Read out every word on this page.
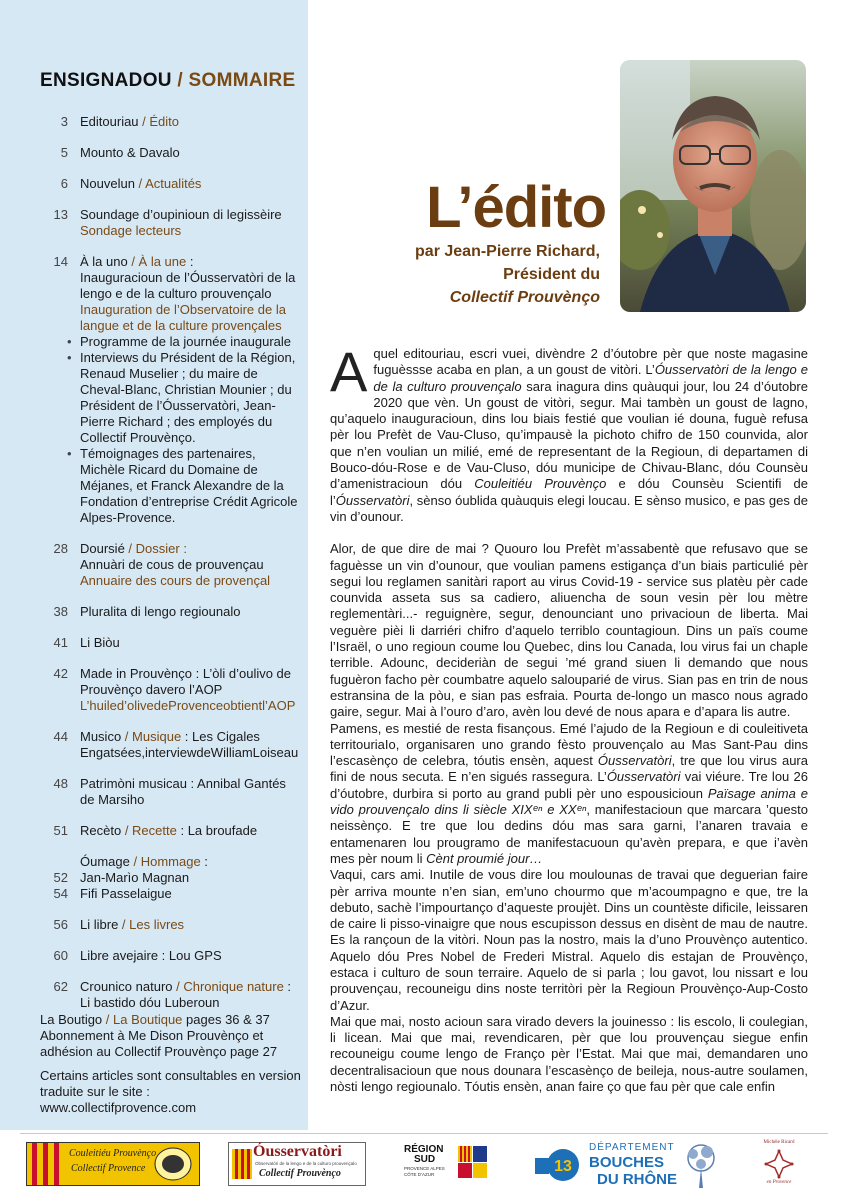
ENSIGNADOU / SOMMAIRE
3 Editouriau / Édito
5 Mounto & Davalo
6 Nouvelun / Actualités
13 Soundage d’oupinioun di legissèire
Sondage lecteurs
14 À la uno / À la une :
Inauguracioun de l’Óusservatòri de la lengo e de la culturo prouvençalo
Inauguration de l’Observatoire de la langue et de la culture provençales
• Programme de la journée inaugurale
• Interviews du Président de la Région, Renaud Muselier ; du maire de Cheval-Blanc, Christian Mounier ; du Président de l’Óusservatòri, Jean-Pierre Richard ; des employés du Collectif Prouvènço.
• Témoignages des partenaires, Michèle Ricard du Domaine de Méjanes, et Franck Alexandre de la Fondation d’entreprise Crédit Agricole Alpes-Provence.
28 Doursié / Dossier :
Annuàri de cous de prouvençau
Annuaire des cours de provençal
38 Pluralita di lengo regiounalo
41 Li Biòu
42 Made in Prouvènço : L’òli d’oulivo de Prouvènço davero l’AOP
L’huiled’olivedeProvenceobtientl’AOP
44 Musico / Musique : Les Cigales Engatsées,interviewdeWilliamLoiseau
48 Patrimòni musicau : Annibal Gantés de Marsiho
51 Recèto / Recette : La broufade
Óumage / Hommage :
52 Jan-Marìo Magnan
54 Fifi Passelaigue
56 Li libre / Les livres
60 Libre avejaire : Lou GPS
62 Crounico naturo / Chronique nature : Li bastido dóu Luberoun

La Boutigo / La Boutique pages 36 & 37
Abonnement à Me Dison Prouvènço et adhésion au Collectif Prouvènço page 27

Certains articles sont consultables en version traduite sur le site : www.collectifprovence.com

L’édito
par Jean-Pierre Richard,
Président du
Collectif Prouvènço

Aquel editouriau, escri vuei, divèndre 2 d’óutobre pèr que noste magasine fuguèssse acaba en plan, a un goust de vitòri. L’Óusservatòri de la lengo e de la culturo prouvençalo sara inagura dins quàuqui jour, lou 24 d’óutobre 2020 que vèn. Un goust de vitòri, segur. Mai tambèn un goust de lagno, qu’aquelo inauguracioun, dins lou biais festié que voulian ié douna, fuguè refusa pèr lou Prefèt de Vau-Cluso, qu’impausè la pichoto chifro de 150 counvida, alor que n’en voulian un milié, emé de representant de la Regioun, di departamen di Bouco-dóu-Rose e de Vau-Cluso, dóu municipe de Chivau-Blanc, dóu Counsèu d’amenistracioun dóu Couleitiéu Prouvènço e dóu Counsèu Scientifi de l’Óusservatòri, sènso óublida quàuquis elegi loucau. E sènso musico, e pas ges de vin d’ounour.

Alor, de que dire de mai ? Quouro lou Prefèt m’assabentè que refusavo que se faguèsse un vin d’ounour, que voulian pamens estigança d’un biais particulié pèr segui lou reglamen sanitàri raport au virus Covid-19 - service sus platèu pèr cade counvida asseta sus sa cadiero, aliuencha de soun vesin pèr lou mètre reglementàri...- reguignère, segur, denounciant uno privacioun de liberta. Mai veguère pièi li darriéri chifro d’aquelo terriblo countagioun. Dins un païs coume l’Israël, o uno regioun coume lou Quebec, dins lou Canada, lou virus fai un chaple terrible. Adounc, decideriàn de segui ’mé grand siuen li demando que nous fuguèron facho pèr coumbatre aquelo salouparié de virus. Sian pas en trin de nous estransina de la pòu, e sian pas esfraia. Pourta de-longo un masco nous agrado gaire, segur. Mai à l’ouro d’aro, avèn lou devé de nous apara e d’apara lis autre.

Pamens, es mestié de resta fisançous. Emé l’ajudo de la Regioun e di couleitiveta territouriaIo, organisaren uno grando fèsto prouvençalo au Mas Sant-Pau dins l’escasènço de celebra, tóutis ensèn, aquest Óusservatòri, tre que lou virus aura fini de nous secuta. E n’en sigués rassegura. L’Óusservatòri vai viéure. Tre lou 26 d’óutobre, durbira si porto au grand publi pèr uno espousicioun Païsage anima e vido prouvençalo dins li siècle XIXᵉⁿ e XXᵉⁿ, manifestacioun que marcara ’questo neissènço. E tre que lou dedins dóu mas sara garni, l’anaren travaia e entamenaren lou prougramo de manifestacuoun qu’avèn prepara, e que i’avèn mes pèr noum li Cènt proumié jour…

Vaqui, cars ami. Inutile de vous dire lou moulounas de travai que deguerian faire pèr arriva mounte n’en sian, em’uno chourmo que m’acoumpagno e que, tre la debuto, sachè l’impourtanço d’aqueste proujèt. Dins un countèste dificile, leissaren de caire li pisso-vinaigre que nous escupisson dessus en disènt de mau de nautre. Es la rançoun de la vitòri. Noun pas la nostro, mais la d’uno Prouvènço autentico. Aquelo dóu Pres Nobel de Frederi Mistral. Aquelo dis estajan de Prouvènço, estaca i culturo de soun terraire. Aquelo de si parla ; lou gavot, lou nissart e lou prouvençau, recouneigu dins noste territòri pèr la Regioun Prouvènço-Aup-Costo d’Azur.

Mai que mai, nosto acioun sara virado devers la jouinesso : lis escolo, li coulegian, li licean. Mai que mai, revendicaren, pèr que lou prouvençau siegue enfin recouneigu coume lengo de Franço pèr l’Estat. Mai que mai, demandaren uno decentralisacioun que nous dounara l’escasènço de beileja, nous-autre soulamen, nòsti lengo regiounalo. Tóutis ensèn, anan faire ço que fau pèr que cale enfin

Couleitiéu Prouvènço
Collectif Provence
Óusservatòri
Observatòri de la lengo e de la culturo prouvençalo
Collectif Prouvènço
RÉGION
SUD
PROVENCE ALPES CÔTE D’AZUR	13
DÉPARTEMENT
BOUCHES
DU RHÔNE
Michèle Ricard
en Provence
